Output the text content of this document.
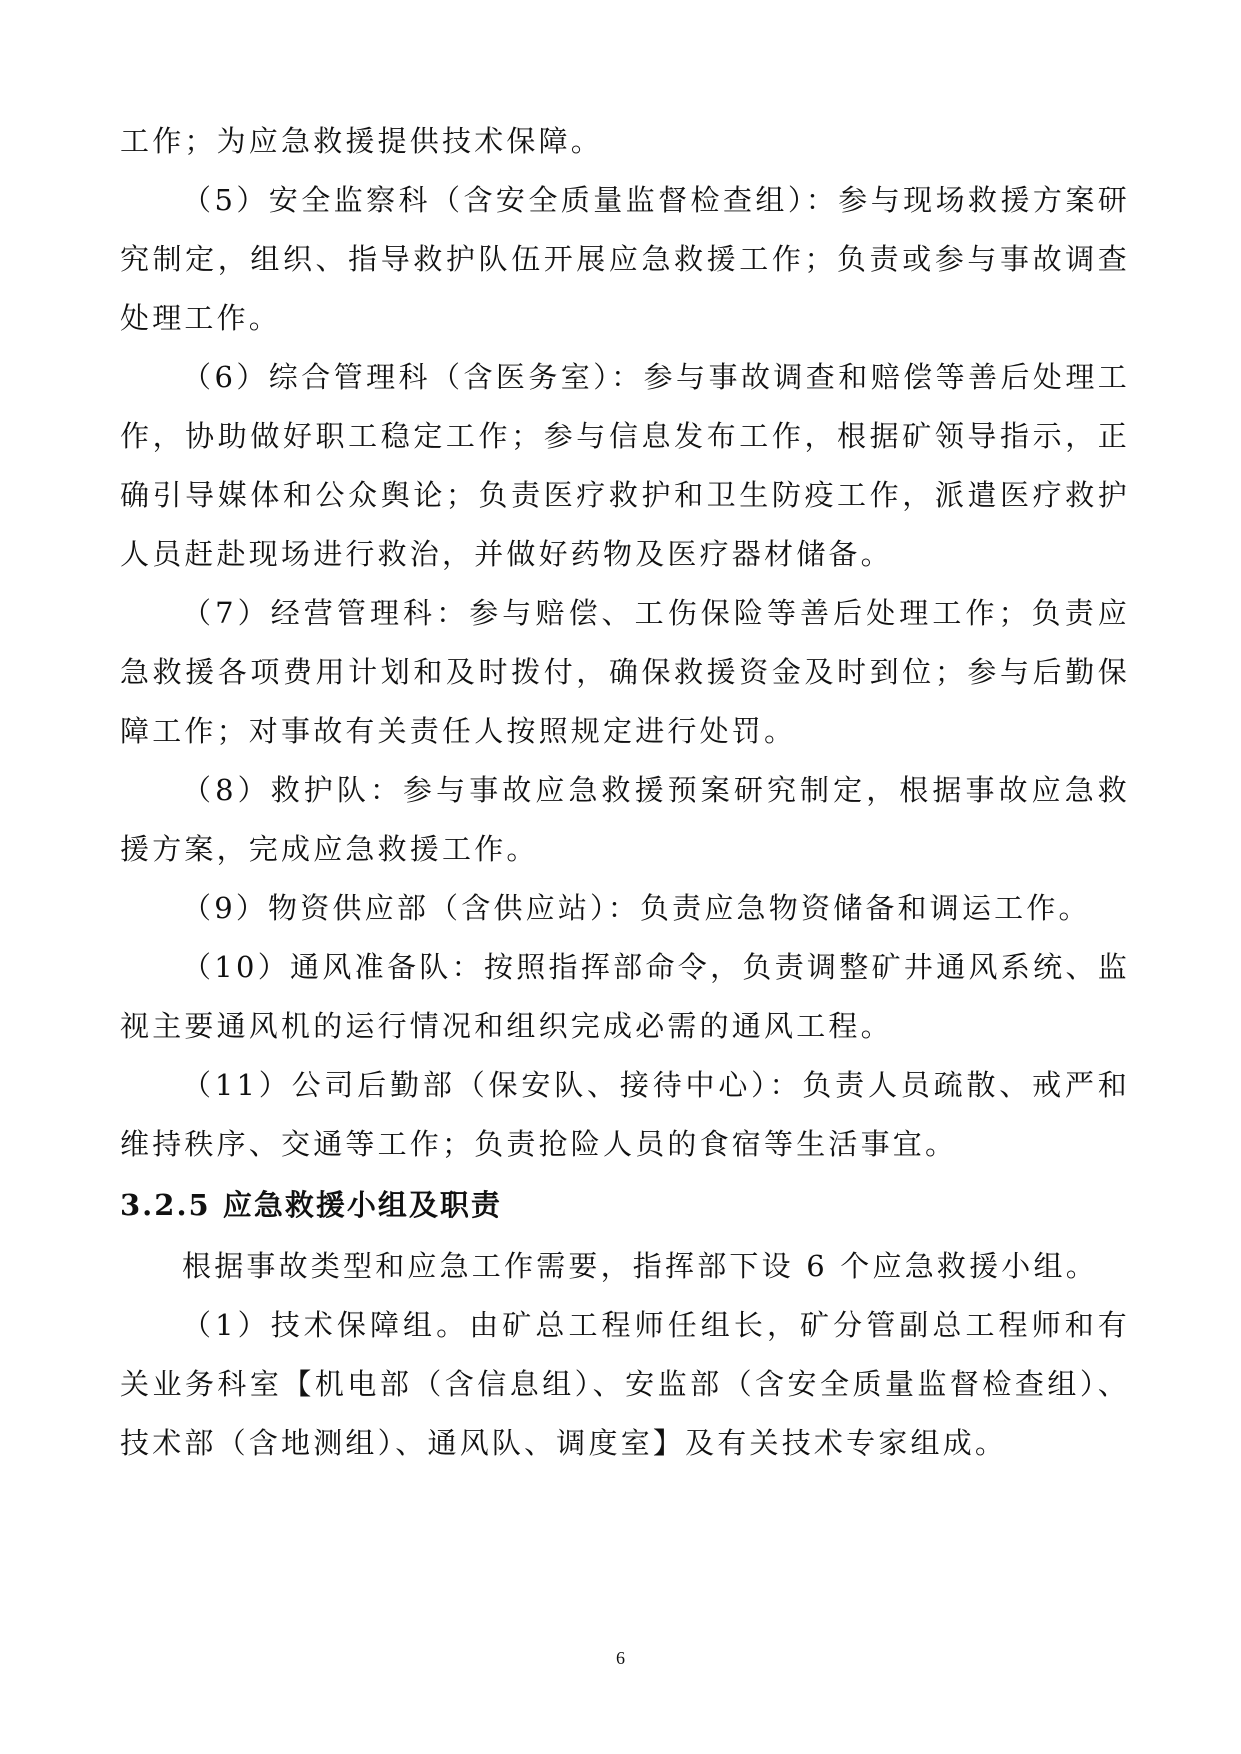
工作；为应急救援提供技术保障。

（5）安全监察科（含安全质量监督检查组）：参与现场救援方案研究制定，组织、指导救护队伍开展应急救援工作；负责或参与事故调查处理工作。

（6）综合管理科（含医务室）：参与事故调查和赔偿等善后处理工作，协助做好职工稳定工作；参与信息发布工作，根据矿领导指示，正确引导媒体和公众舆论；负责医疗救护和卫生防疫工作，派遣医疗救护人员赶赴现场进行救治，并做好药物及医疗器材储备。

（7）经营管理科：参与赔偿、工伤保险等善后处理工作；负责应急救援各项费用计划和及时拨付，确保救援资金及时到位；参与后勤保障工作；对事故有关责任人按照规定进行处罚。

（8）救护队：参与事故应急救援预案研究制定，根据事故应急救援方案，完成应急救援工作。

（9）物资供应部（含供应站）：负责应急物资储备和调运工作。

（10）通风准备队：按照指挥部命令，负责调整矿井通风系统、监视主要通风机的运行情况和组织完成必需的通风工程。

（11）公司后勤部（保安队、接待中心）：负责人员疏散、戒严和维持秩序、交通等工作；负责抢险人员的食宿等生活事宜。

3.2.5 应急救援小组及职责

根据事故类型和应急工作需要，指挥部下设 6 个应急救援小组。

（1）技术保障组。由矿总工程师任组长，矿分管副总工程师和有关业务科室【机电部（含信息组）、安监部（含安全质量监督检查组）、技术部（含地测组）、通风队、调度室】及有关技术专家组成。

6
